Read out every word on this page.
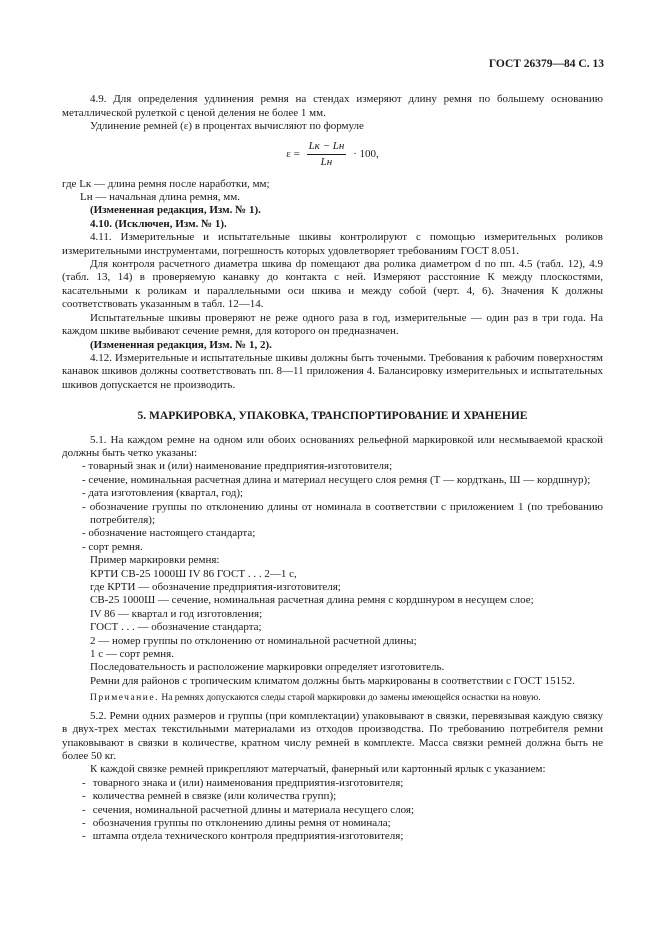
ГОСТ 26379—84 С. 13

4.9. Для определения удлинения ремня на стендах измеряют длину ремня по большему основанию металлической рулеткой с ценой деления не более 1 мм.

Удлинение ремней (ε) в процентах вычисляют по формуле

$\varepsilon = \frac{Lк - Lн}{Lн} \cdot 100$,

где Lк — длина ремня после наработки, мм;

Lн — начальная длина ремня, мм.

(Измененная редакция, Изм. № 1).

4.10. (Исключен, Изм. № 1).

4.11. Измерительные и испытательные шкивы контролируют с помощью измерительных роликов измерительными инструментами, погрешность которых удовлетворяет требованиям ГОСТ 8.051.

Для контроля расчетного диаметра шкива dр помещают два ролика диаметром d по пп. 4.5 (табл. 12), 4.9 (табл. 13, 14) в проверяемую канавку до контакта с ней. Измеряют расстояние К между плоскостями, касательными к роликам и параллельными оси шкива и между собой (черт. 4, 6). Значения К должны соответствовать указанным в табл. 12—14.

Испытательные шкивы проверяют не реже одного раза в год, измерительные — один раз в три года. На каждом шкиве выбивают сечение ремня, для которого он предназначен.

(Измененная редакция, Изм. № 1, 2).

4.12. Измерительные и испытательные шкивы должны быть точеными. Требования к рабочим поверхностям канавок шкивов должны соответствовать пп. 8—11 приложения 4. Балансировку измерительных и испытательных шкивов допускается не производить.

5. МАРКИРОВКА, УПАКОВКА, ТРАНСПОРТИРОВАНИЕ И ХРАНЕНИЕ

5.1. На каждом ремне на одном или обоих основаниях рельефной маркировкой или несмываемой краской должны быть четко указаны:

- товарный знак и (или) наименование предприятия-изготовителя;

- сечение, номинальная расчетная длина и материал несущего слоя ремня (Т — кордткань, Ш — кордшнур);

- дата изготовления (квартал, год);

- обозначение группы по отклонению длины от номинала в соответствии с приложением 1 (по требованию потребителя);

- обозначение настоящего стандарта;

- сорт ремня.

Пример маркировки ремня:

КРТИ СВ-25 1000Ш IV 86 ГОСТ . . . 2—1 с,

где КРТИ — обозначение предприятия-изготовителя;

СВ-25 1000Ш — сечение, номинальная расчетная длина ремня с кордшнуром в несущем слое;

IV 86 — квартал и год изготовления;

ГОСТ . . . — обозначение стандарта;

2 — номер группы по отклонению от номинальной расчетной длины;

1 с — сорт ремня.

Последовательность и расположение маркировки определяет изготовитель.

Ремни для районов с тропическим климатом должны быть маркированы в соответствии с ГОСТ 15152.

Примечание. На ремнях допускаются следы старой маркировки до замены имеющейся оснастки на новую.

5.2. Ремни одних размеров и группы (при комплектации) упаковывают в связки, перевязывая каждую связку в двух-трех местах текстильными материалами из отходов производства. По требованию потребителя ремни упаковывают в связки в количестве, кратном числу ремней в комплекте. Масса связки ремней должна быть не более 50 кг.

К каждой связке ремней прикрепляют матерчатый, фанерный или картонный ярлык с указанием:

- товарного знака и (или) наименования предприятия-изготовителя;

- количества ремней в связке (или количества групп);

- сечения, номинальной расчетной длины и материала несущего слоя;

- обозначения группы по отклонению длины ремня от номинала;

- штампа отдела технического контроля предприятия-изготовителя;
